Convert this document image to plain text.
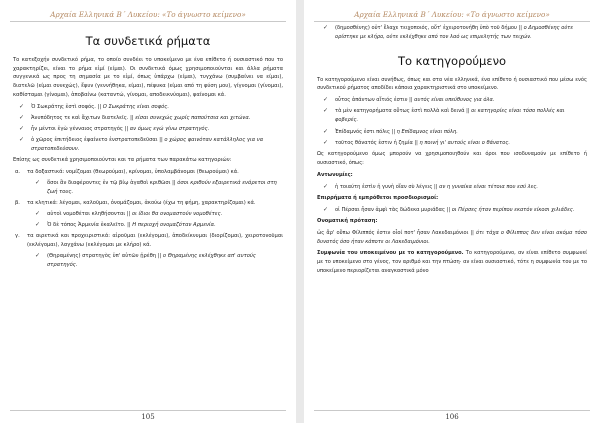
Αρχαία Ελληνικά Β΄ Λυκείου: «Το άγνωστο κείμενο»
Τα συνδετικά ρήματα

Το κατεξοχήν συνδετικό ρήμα, το οποίο συνδέει το υποκείμενο με ένα επίθετο ή ουσιαστικό που το χαρακτηρίζει, είναι το ρήμα εἰμί (είμαι). Οι συνδετικά όμως χρησιμοποιούνται και άλλα ρήματα συγγενικά ως προς τη σημασία με το εἰμί, όπως ὑπάρχω (είμαι), τυγχάνω (συμβαίνει να είμαι), διατελῶ (είμαι συνεχώς), ἔφυν (γεννήθηκα, είμαι), πέφυκα (είμαι από τη φύση μου), γίγνομαι (γίνομαι), καθίσταμαι (γίνομαι), ἀποβαίνω (καταντώ, γίνομαι, αποδεικνύομαι), φαίνομαι κά.

✓ Ὁ Σωκράτης ἐστὶ σοφός. || Ο Σωκράτης είναι σοφός.
✓ Ἀνυπόδητος τε καὶ ἄχιτων διατελεῖς. || είσαι συνεχώς χωρίς παπούτσια και χιτώνα.
✓ ἦν μέντοι ἐγὼ γένναιος στρατηγός || αν όμως εγώ γίνω στρατηγός.
✓ ὁ χῶρος ἐπιτήδειος ἐφαίνετο ἐνστρατοπεδεῦσαι || ο χώρος φαινόταν κατάλληλος για να στρατοπεδεύσουν.

Επίσης ως συνδετικά χρησιμοποιούνται και τα ρήματα των παρακάτω κατηγοριών:

α. τα δοξαστικά: νομίζομαι (θεωρούμαι), κρίνομαι, ὑπολαμβάνομαι (θεωρούμαι) κά.
✓ ὅσοι ἂν διαφέροντες ἐν τῷ βίῳ ἀγαθοὶ κριθῶσι || όσοι κριθούν εξαιρετικά ενάρετοι στη ζωή τους.
β. τα κλητικά: λέγομαι, καλοῦμαι, ὀνομάζομαι, ἀκούω (έχω τη φήμη, χαρακτηρίζομαι) κά.
✓ αὐτοὶ νομοθέται κληθήσονται || οι ίδιοι θα ονομαστούν νομοθέτες.
✓ Ὁ δὲ τόπος Ἀρμενία ἐκαλεῖτο. || Η περιοχή ονομαζόταν Αρμενία.
γ. τα αιρετικά και προχειριστικά: αἱροῦμαι (εκλέγομαι), ἀποδείκνυμαι (διορίζομαι), χειροτονοῦμαι (εκλέγομαι), λαγχάνω (εκλέγομαι με κλήρο) κά.
✓ (Θηραμένης) στρατηγὸς ὑπ' αὐτῶν ᾑρέθη || ο Θηραμένης εκλέχθηκε απ' αυτούς στρατηγός.
105
Αρχαία Ελληνικά Β΄ Λυκείου: «Το άγνωστο κείμενο»
✓ (δημοσθένης) οὐτ' ἔλαχε τειχοποιός, οὔτ' ἐχειροτονήθη ὑπὸ τοῦ δήμου || ο Δημοσθένης ούτε ορίστηκε με κλήρο, ούτε εκλέχθηκε από τον λαό ως επιμελητής των τειχών.
Το κατηγορούμενο

Το κατηγορούμενο είναι συνήθως, όπως και στα νέα ελληνικά, ένα επίθετο ή ουσιαστικό που μέσω ενός συνδετικού ρήματος αποδίδει κάποια χαρακτηριστικά στο υποκείμενο.

✓ οὗτος ἁπάντων αἴτιός ἐστιν || αυτός είναι υπεύθυνος για όλα.
✓ τὰ μὲν κατηγορήματα οὕτως ἐστὶ πολλὰ καὶ δεινά || οι κατηγορίες είναι τόσο πολλές και φοβερές.
✓ Ἐπίδαμνός ἐστι πόλις || η Επίδαμνος είναι πόλη.
✓ τοῦτος θάνατός ἐστιν ἡ ζημία || η ποινή γι' αυτούς είναι ο θάνατος.

Ως κατηγορούμενο όμως μπορούν να χρησιμοποιηθούν και όροι που ισοδυναμούν με επίθετο ή ουσιαστικό, όπως:

Αντωνυμίες:

✓ ἡ τοιαύτη ἐστὶν ἡ γυνὴ οἵαν σὺ λέγεις || αν η γυναίκα είναι τέτοια που εσύ λες.

Επιρρήματα ή εμπρόθετοι προσδιορισμοί:

✓ οἱ Πέρσαι ἦσαν ἀμφὶ τὰς δώδεκα μυριάδας || οι Πέρσες ήταν περίπου εκατόν είκοσι χιλιάδες.

Ονοματική πρόταση:

ὡς ἄρ' οὔπω Φίλιππός ἐστιν οἷοί ποτ' ἦσαν Λακεδαιμόνιοι || ότι τάχα ο Φίλιππος δεν είναι ακόμα τόσο δυνατός όσο ήταν κάποτε οι Λακεδαιμόνιοι.

Συμφωνία του υποκειμένου με το κατηγορούμενο. Το κατηγορούμενο, αν είναι επίθετο συμφωνεί με το υποκείμενο στο γένος, τον αριθμό και την πτώση· αν είναι ουσιαστικό, τότε η συμφωνία του με το υποκείμενο περιορίζεται αναγκαστικά μόνο

106
